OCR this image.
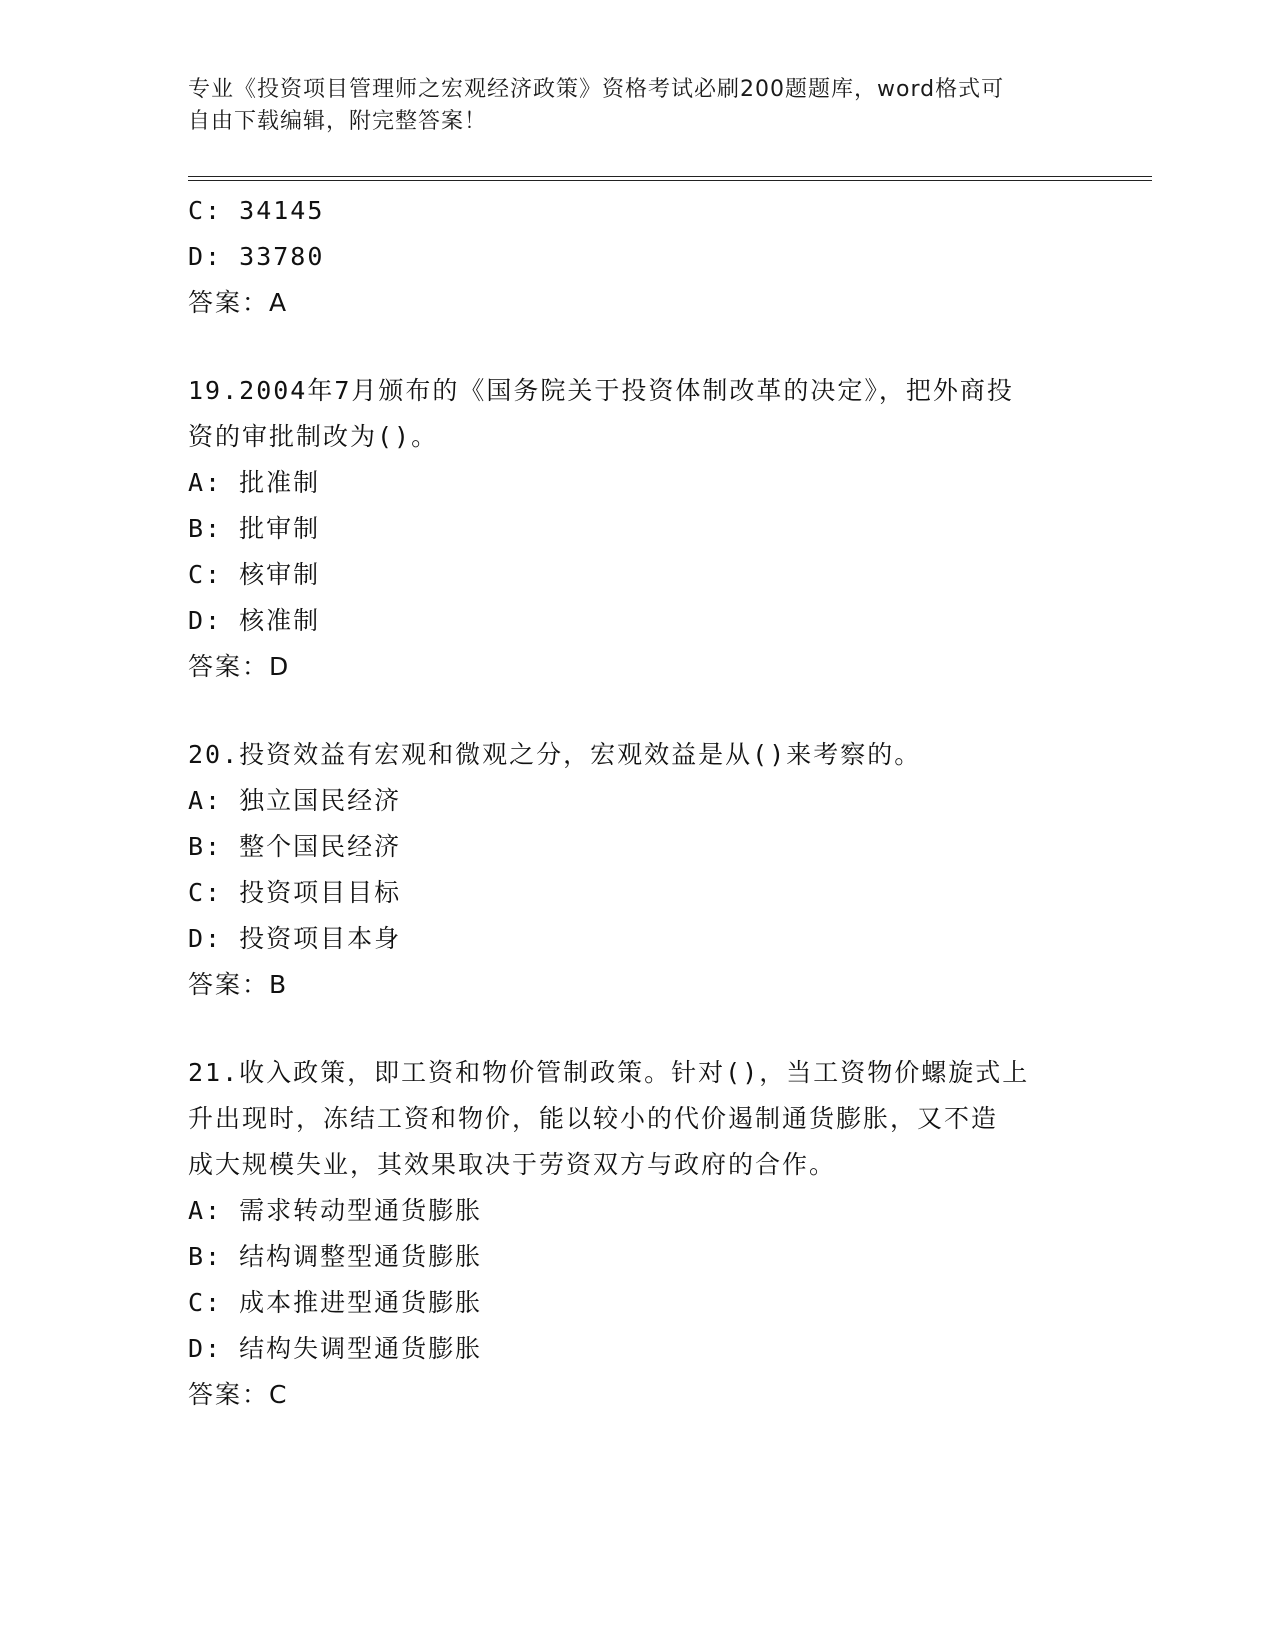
专业《投资项目管理师之宏观经济政策》资格考试必刷200题题库，word格式可
自由下载编辑，附完整答案！
C: 34145
D: 33780
答案：A
19.2004年7月颁布的《国务院关于投资体制改革的决定》，把外商投
资的审批制改为()。
A: 批准制
B: 批审制
C: 核审制
D: 核准制
答案：D
20.投资效益有宏观和微观之分，宏观效益是从()来考察的。
A: 独立国民经济
B: 整个国民经济
C: 投资项目目标
D: 投资项目本身
答案：B
21.收入政策，即工资和物价管制政策。针对()，当工资物价螺旋式上
升出现时，冻结工资和物价，能以较小的代价遏制通货膨胀，又不造
成大规模失业，其效果取决于劳资双方与政府的合作。
A: 需求转动型通货膨胀
B: 结构调整型通货膨胀
C: 成本推进型通货膨胀
D: 结构失调型通货膨胀
答案：C
